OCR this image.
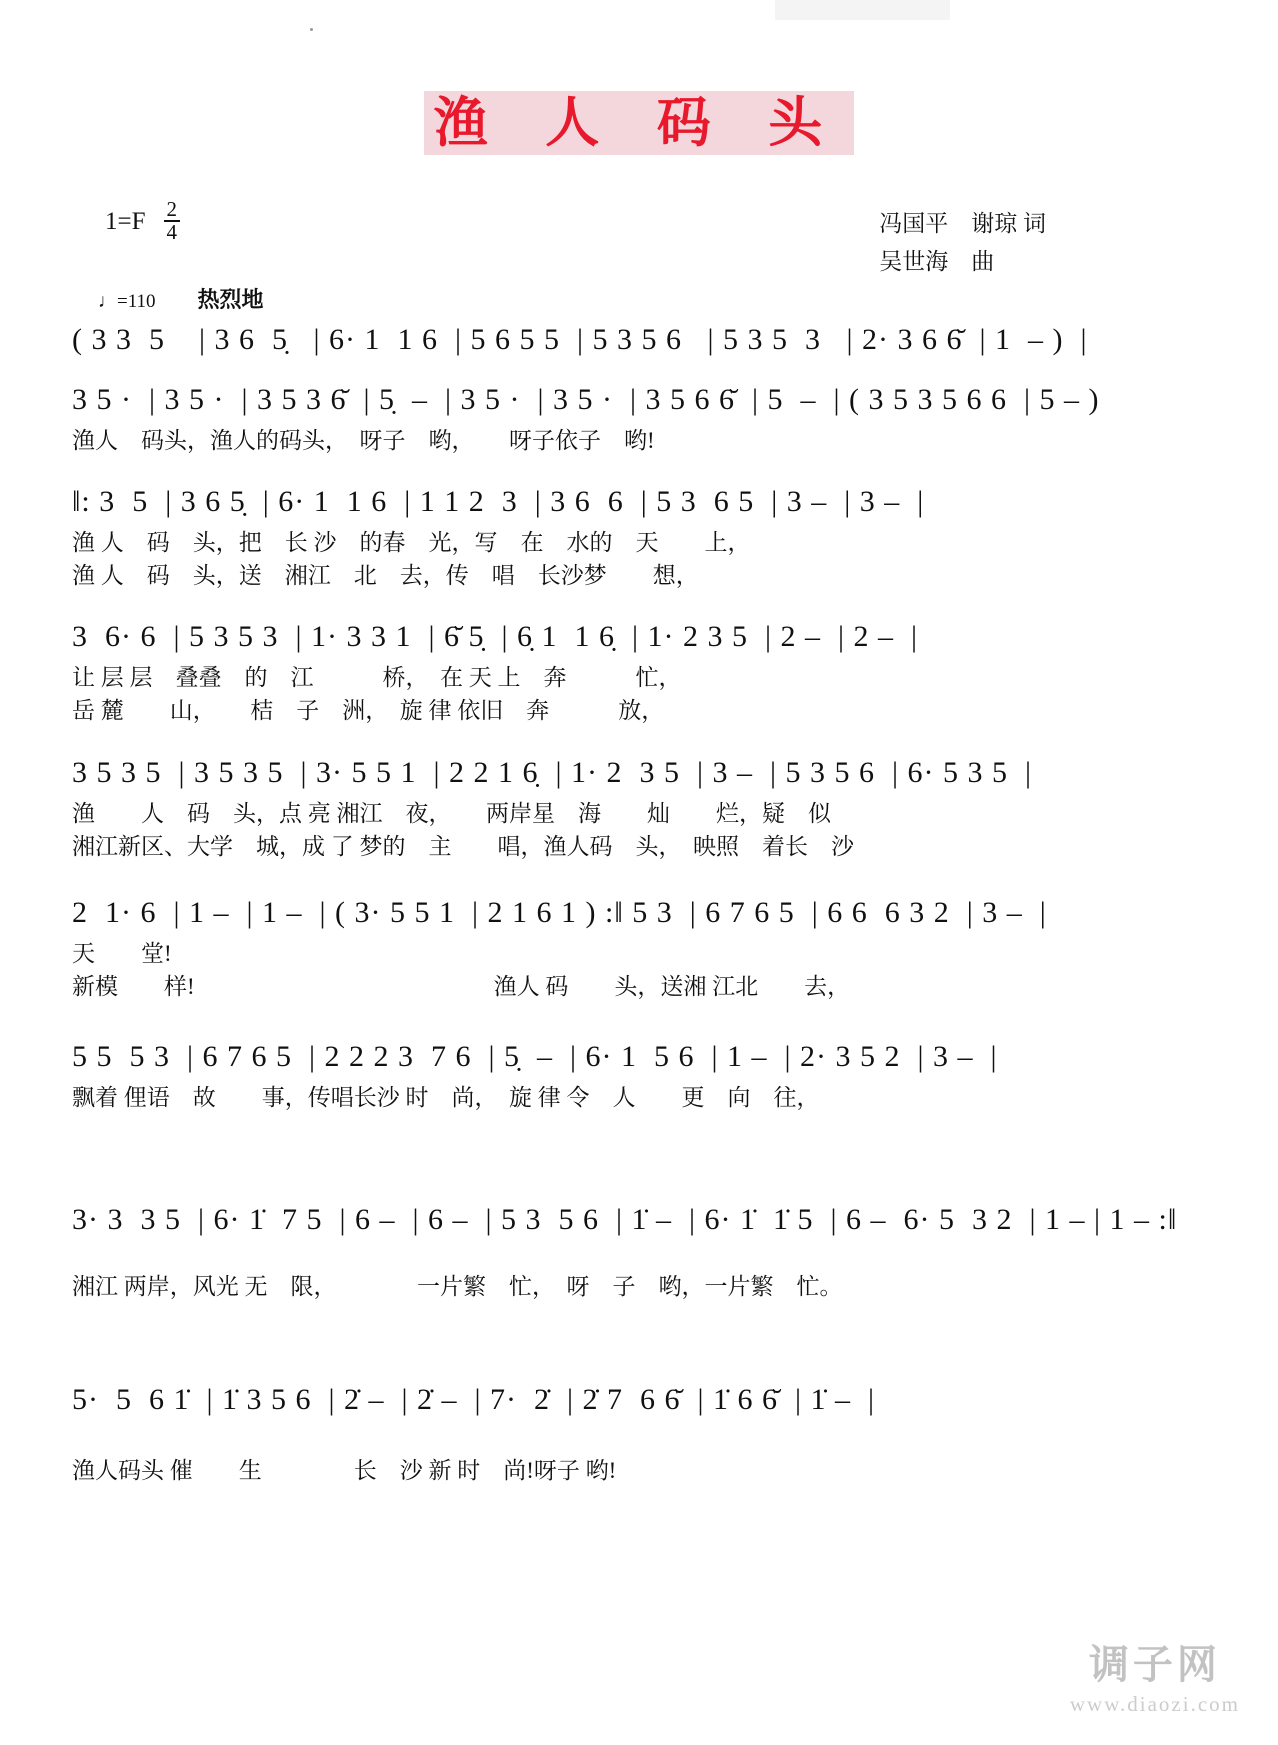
渔 人 码 头
$1=F \frac{2}{4}$	冯国平　谢琼 词
吴世海　曲
♩=110 热烈地
( 3 3  5    | 3 6  5̣   | 6· 1  1 6  | 5 6 5 5  | 5 3 5 6   | 5 3 5  3   | 2· 3 6 6̆  | 1  – )  |
3 5 ·  | 3 5 ·  | 3 5 3 6̆  | 5̣  –  | 3 5 ·  | 3 5 ·  | 3 5 6 6̆  | 5  –  | ( 3 5 3 5 6 6  | 5 – )
渔人　码头，渔人的码头，　呀子　哟，　　呀子依子　哟!
‖: 3  5  | 3 6 5̣  | 6· 1  1 6  | 1 1 2  3  | 3 6  6  | 5 3  6 5  | 3 –  | 3 –  |
渔 人　码　头，把　长 沙　的春　光，写　在　水的　天　　上，
渔 人　码　头，送　湘江　北　去，传　唱　长沙梦　　想，
3  6· 6  | 5 3 5 3  | 1· 3 3 1  | 6̆ 5̣  | 6̣ 1  1 6̣  | 1· 2 3 5  | 2 –  | 2 –  |
让 层 层　叠叠　的　江　　　桥，　在 天 上　奔　　　忙，
岳 麓　　山，　　桔　子　洲，　旋 律 依旧　奔　　　放，
3 5 3 5  | 3 5 3 5  | 3· 5 5 1  | 2 2 1 6̣  | 1· 2  3 5  | 3 –  | 5 3 5 6  | 6· 5 3 5  |
渔　　人　码　头，点 亮 湘江　夜，　　两岸星　海　　灿　　烂，疑　似
湘江新区、大学　城，成 了 梦的　主　　唱，渔人码　头，　映照　着长　沙
2  1· 6  | 1 –  | 1 –  | ( 3· 5 5 1  | 2 1 6 1 ) :‖ 5 3  | 6 7 6 5  | 6 6  6 3 2  | 3 –  |
天　　堂!
新模　　样!　　　　　　　　　　　　　渔人 码　　头，送湘 江北　　去，
5 5  5 3  | 6 7 6 5  | 2 2 2 3  7 6  | 5̣  –  | 6· 1  5 6  | 1 –  | 2· 3 5 2  | 3 –  |
飘着 俚语　故　　事，传唱长沙 时　尚，　旋 律 令　人　　更　向　往，
3· 3  3 5  | 6· 1̇  7 5  | 6 –  | 6 –  | 5 3  5 6  | 1̇ –  | 6· 1̇  1̇ 5  | 6 –  6· 5  3 2  | 1 – | 1 – :‖
湘江 两岸，风光 无　限，　　　　一片繁　忙，　呀　子　哟，一片繁　忙。
5·  5  6 1̇  | 1̇ 3 5 6  | 2̇ –  | 2̇ –  | 7·  2̇  | 2̇ 7  6 6̆  | 1̇ 6 6̆  | 1̇ –  |
渔人码头 催　　生　　　　长　沙 新 时　尚!呀子 哟!
调子网
www.diaozi.com
